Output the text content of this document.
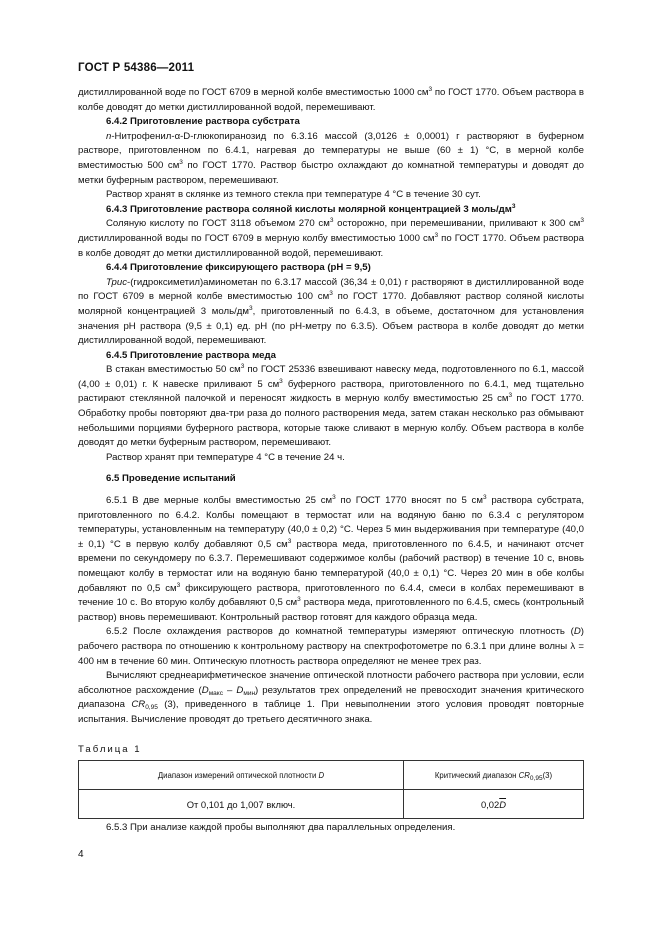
ГОСТ Р 54386—2011

дистиллированной воде по ГОСТ 6709 в мерной колбе вместимостью 1000 $см^3$ по ГОСТ 1770. Объем раствора в колбе доводят до метки дистиллированной водой, перемешивают.

6.4.2 Приготовление раствора субстрата

n-Нитрофенил-α-D-глюкопиранозид по 6.3.16 массой (3,0126 ± 0,0001) г растворяют в буферном растворе, приготовленном по 6.4.1, нагревая до температуры не выше (60 ± 1) °С, в мерной колбе вместимостью 500 $см^3$ по ГОСТ 1770. Раствор быстро охлаждают до комнатной температуры и доводят до метки буферным раствором, перемешивают.

Раствор хранят в склянке из темного стекла при температуре 4 °С в течение 30 сут.

6.4.3 Приготовление раствора соляной кислоты молярной концентрацией 3 моль/$дм^3$

Соляную кислоту по ГОСТ 3118 объемом 270 $см^3$ осторожно, при перемешивании, приливают к 300 $см^3$ дистиллированной воды по ГОСТ 6709 в мерную колбу вместимостью 1000 $см^3$ по ГОСТ 1770. Объем раствора в колбе доводят до метки дистиллированной водой, перемешивают.

6.4.4 Приготовление фиксирующего раствора (рН = 9,5)

Трис-(гидроксиметил)аминометан по 6.3.17 массой (36,34 ± 0,01) г растворяют в дистиллированной воде по ГОСТ 6709 в мерной колбе вместимостью 100 $см^3$ по ГОСТ 1770. Добавляют раствор соляной кислоты молярной концентрацией 3 моль/$дм^3$, приготовленный по 6.4.3, в объеме, достаточном для установления значения рН раствора (9,5 ± 0,1) ед. рН (по рН-метру по 6.3.5). Объем раствора в колбе доводят до метки дистиллированной водой, перемешивают.

6.4.5 Приготовление раствора меда

В стакан вместимостью 50 $см^3$ по ГОСТ 25336 взвешивают навеску меда, подготовленного по 6.1, массой (4,00 ± 0,01) г. К навеске приливают 5 $см^3$ буферного раствора, приготовленного по 6.4.1, мед тщательно растирают стеклянной палочкой и переносят жидкость в мерную колбу вместимостью 25 $см^3$ по ГОСТ 1770. Обработку пробы повторяют два-три раза до полного растворения меда, затем стакан несколько раз обмывают небольшими порциями буферного раствора, которые также сливают в мерную колбу. Объем раствора в колбе доводят до метки буферным раствором, перемешивают.

Раствор хранят при температуре 4 °С в течение 24 ч.

6.5 Проведение испытаний

6.5.1 В две мерные колбы вместимостью 25 $см^3$ по ГОСТ 1770 вносят по 5 $см^3$ раствора субстрата, приготовленного по 6.4.2. Колбы помещают в термостат или на водяную баню по 6.3.4 с регулятором температуры, установленным на температуру (40,0 ± 0,2) °С. Через 5 мин выдерживания при температуре (40,0 ± 0,1) °С в первую колбу добавляют 0,5 $см^3$ раствора меда, приготовленного по 6.4.5, и начинают отсчет времени по секундомеру по 6.3.7. Перемешивают содержимое колбы (рабочий раствор) в течение 10 с, вновь помещают колбу в термостат или на водяную баню температурой (40,0 ± 0,1) °С. Через 20 мин в обе колбы добавляют по 0,5 $см^3$ фиксирующего раствора, приготовленного по 6.4.4, смеси в колбах перемешивают в течение 10 с. Во вторую колбу добавляют 0,5 $см^3$ раствора меда, приготовленного по 6.4.5, смесь (контрольный раствор) вновь перемешивают. Контрольный раствор готовят для каждого образца меда.

6.5.2 После охлаждения растворов до комнатной температуры измеряют оптическую плотность (D) рабочего раствора по отношению к контрольному раствору на спектрофотометре по 6.3.1 при длине волны λ = 400 нм в течение 60 мин. Оптическую плотность раствора определяют не менее трех раз.

Вычисляют среднеарифметическое значение оптической плотности рабочего раствора при условии, если абсолютное расхождение $(D_{макс} - D_{мин})$ результатов трех определений не превосходит значения критического диапазона $CR_{0,95}$ (3), приведенного в таблице 1. При невыполнении этого условия проводят повторные испытания. Вычисление проводят до третьего десятичного знака.

Таблица 1
Диапазон измерений оптической плотности D	Критический диапазон $CR_{0,95}(3)$
От 0,101 до 1,007 включ.	$0,02\overline{D}$
6.5.3 При анализе каждой пробы выполняют два параллельных определения.
4
